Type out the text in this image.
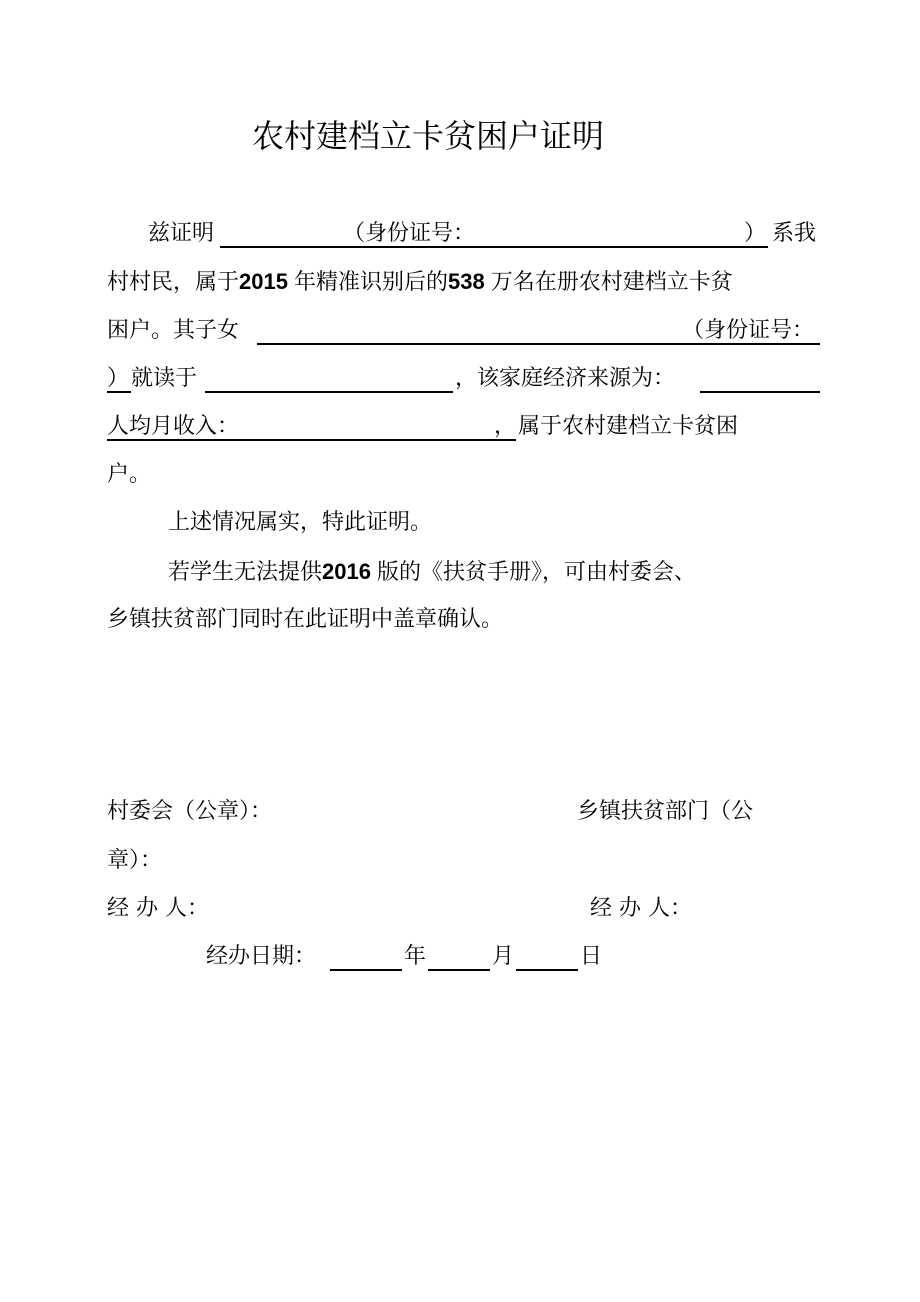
农村建档立卡贫困户证明
兹证明	（身份证号：	） 系我
村村民，属于2015 年精准识别后的538 万名在册农村建档立卡贫
困户。其子女	（身份证号：
） 就读于	，该家庭经济来源为：
人均月收入：	， 属于农村建档立卡贫困
户。
上述情况属实，特此证明。
若学生无法提供2016 版的《扶贫手册》，可由村委会、
乡镇扶贫部门同时在此证明中盖章确认。
村委会（公章）：	乡镇扶贫部门（公
章）：
经 办 人：	经 办 人：
经办日期：	年	月	日
